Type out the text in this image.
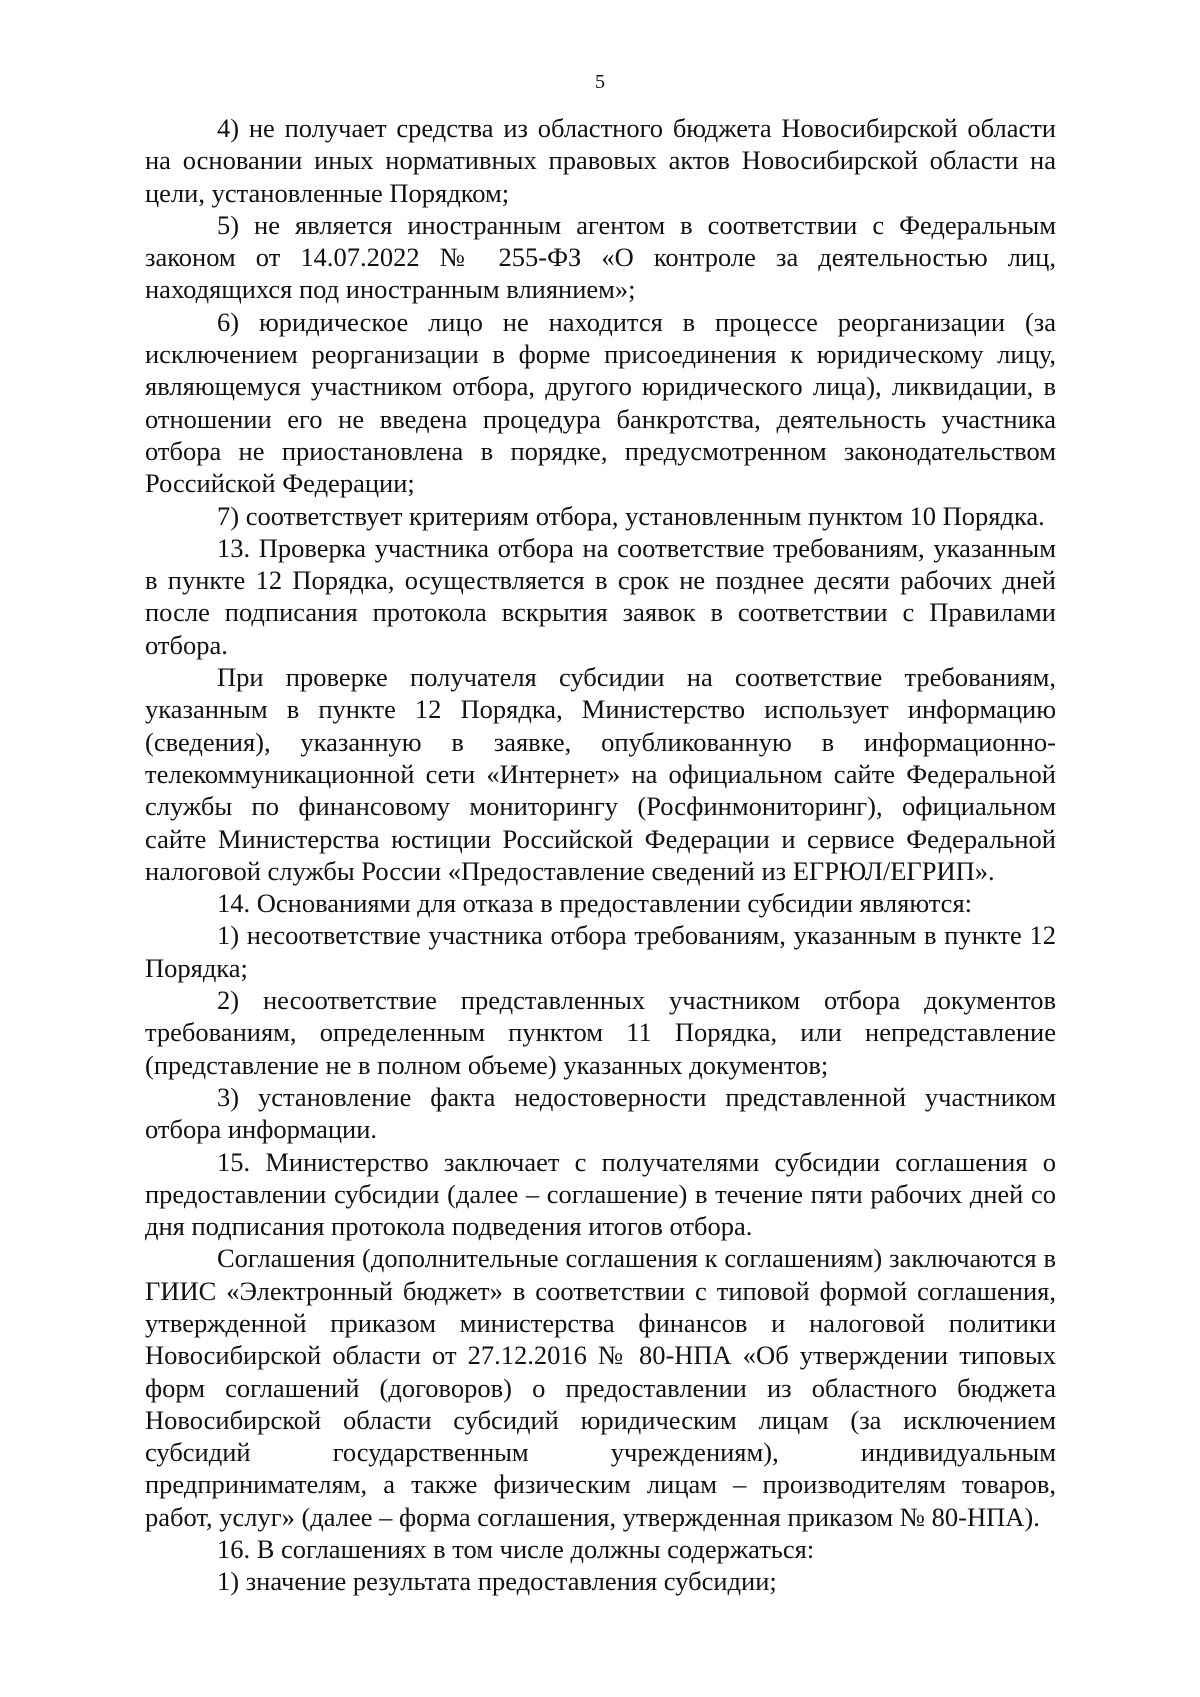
5

4) не получает средства из областного бюджета Новосибирской области на основании иных нормативных правовых актов Новосибирской области на цели, установленные Порядком;

5) не является иностранным агентом в соответствии с Федеральным законом от 14.07.2022 № 255-ФЗ «О контроле за деятельностью лиц, находящихся под иностранным влиянием»;

6) юридическое лицо не находится в процессе реорганизации (за исключением реорганизации в форме присоединения к юридическому лицу, являющемуся участником отбора, другого юридического лица), ликвидации, в отношении его не введена процедура банкротства, деятельность участника отбора не приостановлена в порядке, предусмотренном законодательством Российской Федерации;

7) соответствует критериям отбора, установленным пунктом 10 Порядка.

13. Проверка участника отбора на соответствие требованиям, указанным в пункте 12 Порядка, осуществляется в срок не позднее десяти рабочих дней после подписания протокола вскрытия заявок в соответствии с Правилами отбора.

При проверке получателя субсидии на соответствие требованиям, указанным в пункте 12 Порядка, Министерство использует информацию (сведения), указанную в заявке, опубликованную в информационно-телекоммуникационной сети «Интернет» на официальном сайте Федеральной службы по финансовому мониторингу (Росфинмониторинг), официальном сайте Министерства юстиции Российской Федерации и сервисе Федеральной налоговой службы России «Предоставление сведений из ЕГРЮЛ/ЕГРИП».

14. Основаниями для отказа в предоставлении субсидии являются:

1) несоответствие участника отбора требованиям, указанным в пункте 12 Порядка;

2) несоответствие представленных участником отбора документов требованиям, определенным пунктом 11 Порядка, или непредставление (представление не в полном объеме) указанных документов;

3) установление факта недостоверности представленной участником отбора информации.

15. Министерство заключает с получателями субсидии соглашения о предоставлении субсидии (далее – соглашение) в течение пяти рабочих дней со дня подписания протокола подведения итогов отбора.

Соглашения (дополнительные соглашения к соглашениям) заключаются в ГИИС «Электронный бюджет» в соответствии с типовой формой соглашения, утвержденной приказом министерства финансов и налоговой политики Новосибирской области от 27.12.2016 № 80-НПА «Об утверждении типовых форм соглашений (договоров) о предоставлении из областного бюджета Новосибирской области субсидий юридическим лицам (за исключением субсидий государственным учреждениям), индивидуальным предпринимателям, а также физическим лицам – производителям товаров, работ, услуг» (далее – форма соглашения, утвержденная приказом № 80-НПА).

16. В соглашениях в том числе должны содержаться:

1) значение результата предоставления субсидии;
